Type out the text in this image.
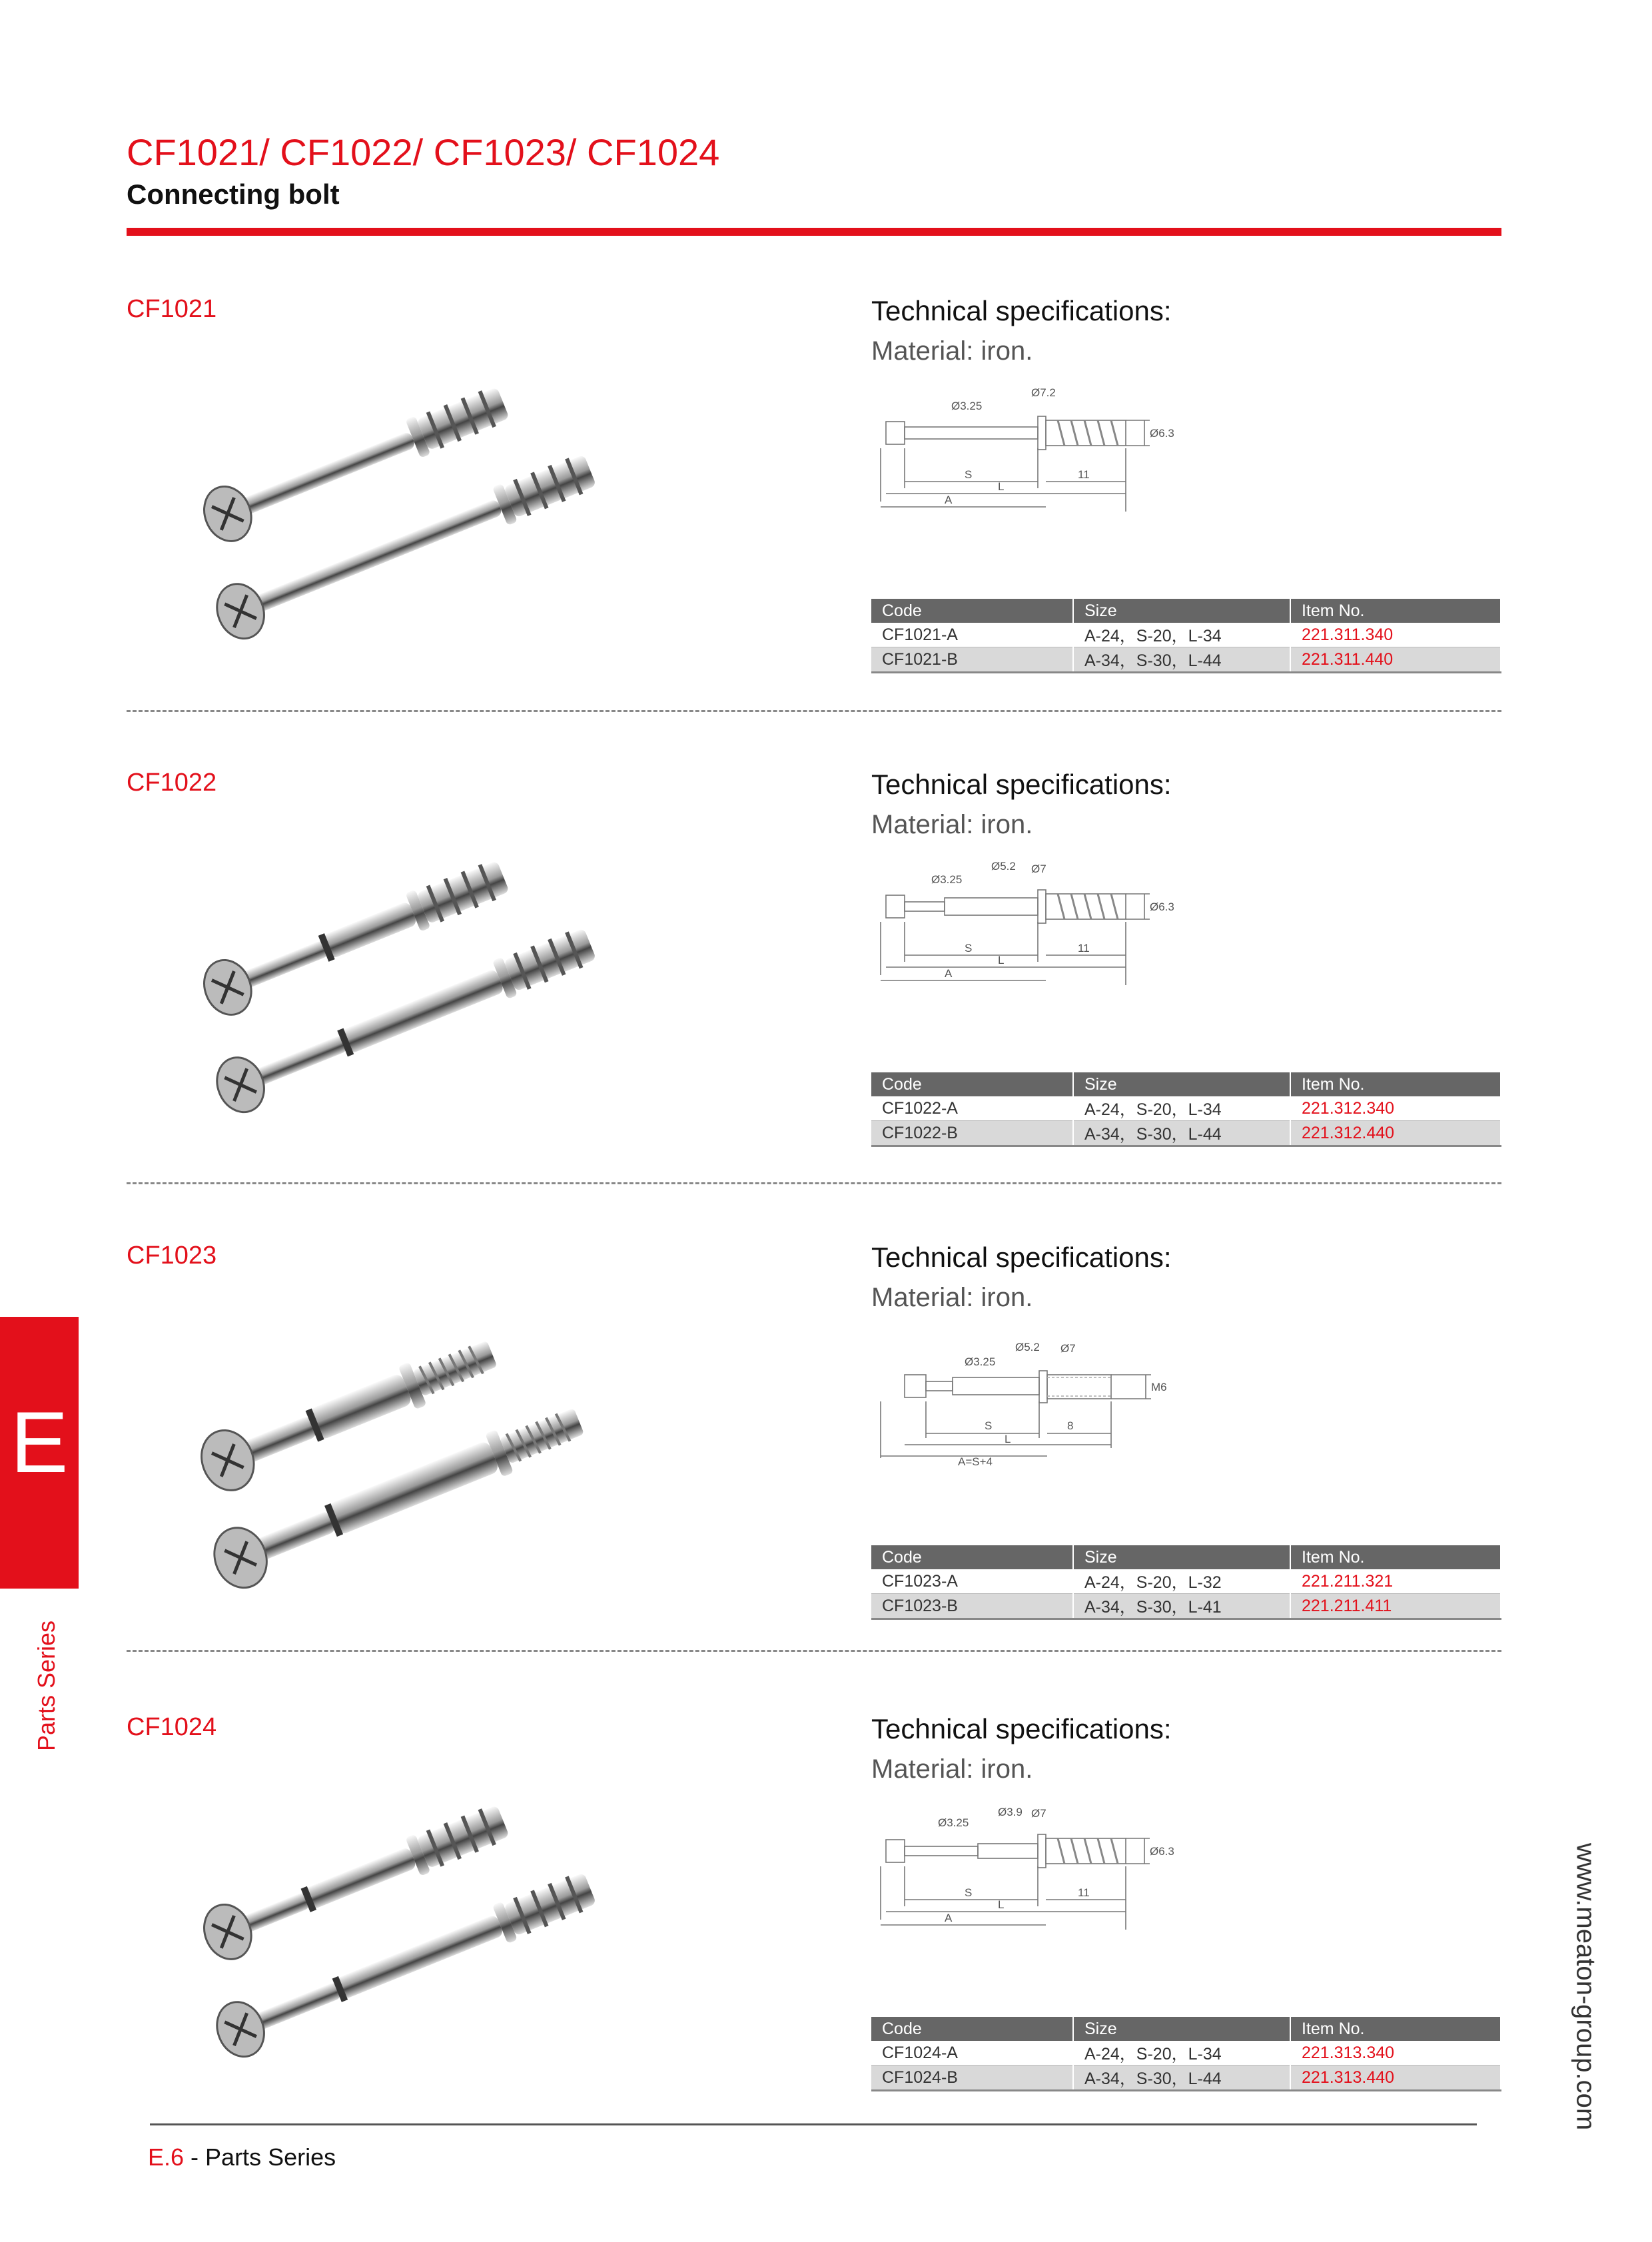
CF1021/ CF1022/ CF1023/ CF1024
Connecting bolt
CF1021	Technical specifications:
Material: iron.
Ø3.25
Ø7.2
Ø6.3
11
S
L
A
Code	Size	Item No.
CF1021-A	A-24，S-20，L-34	221.311.340
CF1021-B	A-34，S-30，L-44	221.311.440
CF1022	Technical specifications:
Material: iron.
Ø3.25
Ø5.2 Ø7
Ø6.3
11
S
L
A
Code	Size	Item No.
CF1022-A	A-24，S-20，L-34	221.312.340
CF1022-B	A-34，S-30，L-44	221.312.440
CF1023	Technical specifications:
Material: iron.
Ø3.25
Ø5.2 Ø7
M6
8
S
L
A=S+4
Code	Size	Item No.
CF1023-A	A-24，S-20，L-32	221.211.321
CF1023-B	A-34，S-30，L-41	221.211.411
CF1024	Technical specifications:
Material: iron.
Ø3.25
Ø3.9 Ø7
Ø6.3
11
S
L
A
Code	Size	Item No.
CF1024-A	A-24，S-20，L-34	221.313.340
CF1024-B	A-34，S-30，L-44	221.313.440
E
Parts Series
www.meaton-group.com
E.6 - Parts Series
